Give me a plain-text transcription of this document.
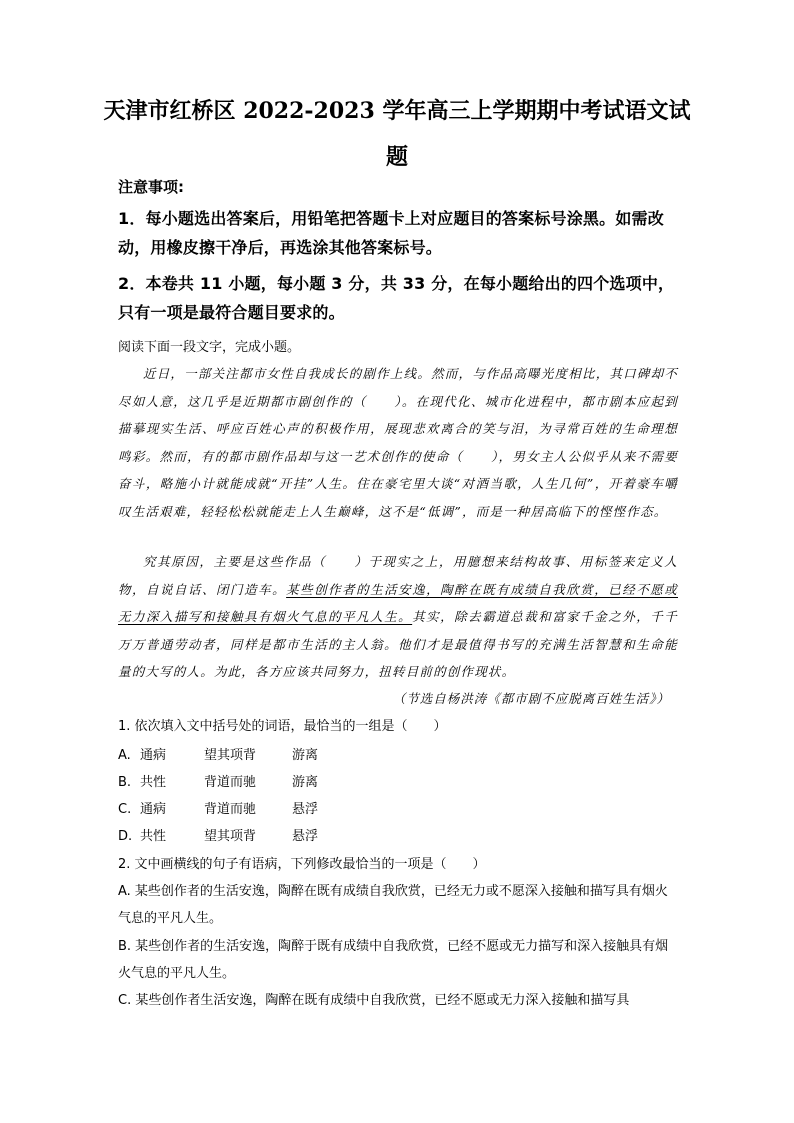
天津市红桥区 2022-2023 学年高三上学期期中考试语文试
题
注意事项:
1．每小题选出答案后，用铅笔把答题卡上对应题目的答案标号涂黑。如需改动，用橡皮擦干净后，再选涂其他答案标号。
2．本卷共 11 小题，每小题 3 分，共 33 分，在每小题给出的四个选项中，只有一项是最符合题目要求的。
阅读下面一段文字，完成小题。
近日，一部关注都市女性自我成长的剧作上线。然而，与作品高曝光度相比，其口碑却不尽如人意，这几乎是近期都市剧创作的（　　）。在现代化、城市化进程中，都市剧本应起到描摹现实生活、呼应百姓心声的积极作用，展现悲欢离合的笑与泪，为寻常百姓的生命理想鸣彩。然而，有的都市剧作品却与这一艺术创作的使命（　　），男女主人公似乎从来不需要奋斗，略施小计就能成就“开挂”人生。住在豪宅里大谈“对酒当歌，人生几何”，开着豪车嚼叹生活艰难，轻轻松松就能走上人生巅峰，这不是“低调”，而是一种居高临下的悭悭作态。
究其原因，主要是这些作品（　　）于现实之上，用臆想来结构故事、用标签来定义人物，自说自话、闭门造车。某些创作者的生活安逸，陶醉在既有成绩自我欣赏，已经不愿或无力深入描写和接触具有烟火气息的平凡人生。其实，除去霸道总裁和富家千金之外，千千万万普通劳动者，同样是都市生活的主人翁。他们才是最值得书写的充满生活智慧和生命能量的大写的人。为此，各方应该共同努力，扭转目前的创作现状。
（节选自杨洪涛《都市剧不应脱离百姓生活》）
1. 依次填入文中括号处的词语，最恰当的一组是（　　）
A. 通病	望其项背	游离
B. 共性	背道而驰	游离
C. 通病	背道而驰	悬浮
D. 共性	望其项背	悬浮
2. 文中画横线的句子有语病，下列修改最恰当的一项是（　　）
A. 某些创作者的生活安逸，陶醉在既有成绩自我欣赏，已经无力或不愿深入接触和描写具有烟火气息的平凡人生。
B. 某些创作者的生活安逸，陶醉于既有成绩中自我欣赏，已经不愿或无力描写和深入接触具有烟火气息的平凡人生。
C. 某些创作者生活安逸，陶醉在既有成绩中自我欣赏，已经不愿或无力深入接触和描写具
